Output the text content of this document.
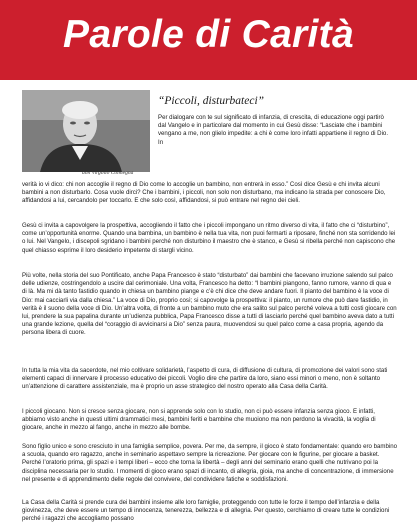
Parole di Carità
don Virginio Colmegna
“Piccoli, disturbateci”
Per dialogare con te sul significato di infanzia, di crescita, di educazione oggi partirò dal Vangelo e in particolare dal momento in cui Gesù disse: “Lasciate che i bambini vengano a me, non glielo impedite: a chi è come loro infatti appartiene il regno di Dio. In
verità io vi dico: chi non accoglie il regno di Dio come lo accoglie un bambino, non entrerà in esso.” Così dice Gesù e chi invita alcuni bambini a non disturbarlo. Cosa vuole dirci? Che i bambini, i piccoli, non solo non disturbano, ma indicano la strada per conoscere Dio, affidandosi a lui, cercandolo per toccarlo. E che solo così, affidandosi, si può entrare nel regno dei cieli.
Gesù ci invita a capovolgere la prospettiva, accogliendo il fatto che i piccoli impongano un ritmo diverso di vita, il fatto che ci “disturbino”, come un’opportunità enorme. Quando una bambina, un bambino è nella tua vita, non puoi fermarti a riposare, finché non sta sorridendo lei o lui. Nel Vangelo, i discepoli sgridano i bambini perché non disturbino il maestro che è stanco, e Gesù si ribella perché non capiscono che quel chiasso esprime il loro desiderio impetente di stargli vicino.
Più volte, nella storia del suo Pontificato, anche Papa Francesco è stato “disturbato” dai bambini che facevano irruzione salendo sul palco delle udienze, costringendolo a uscire dal cerimoniale. Una volta, Francesco ha detto: “I bambini piangono, fanno rumore, vanno di qua e di là. Ma mi dà tanto fastidio quando in chiesa un bambino piange e c’è chi dice che deve andare fuori. Il pianto del bambino è la voce di Dio: mai cacciarli via dalla chiesa.” La voce di Dio, proprio così; si capovolge la prospettiva: il pianto, un rumore che può dare fastidio, in verità è il suono della voce di Dio. Un’altra volta, di fronte a un bambino muto che era salito sul palco perché voleva a tutti costi giocare con lui, prendere la sua papalina durante un’udienza pubblica, Papa Francesco disse a tutti di lasciarlo perché quel bambino aveva dato a tutti una grande lezione, quella del “coraggio di avvicinarsi a Dio” senza paura, muovendosi su quel palco come a casa propria, agendo da persona libera di cuore.
In tutta la mia vita da sacerdote, nel mio coltivare solidarietà, l’aspetto di cura, di diffusione di cultura, di promozione dei valori sono stati elementi capaci di innervare il processo educativo dei piccoli. Voglio dire che partire da loro, siano essi minori o meno, non è soltanto un’attenzione di carattere assistenziale, ma è proprio un asse strategico del nostro operato alla Casa della Carità.
I piccoli giocano. Non si cresce senza giocare, non si apprende solo con lo studio, non ci può essere infanzia senza gioco. E infatti, abbiamo visto anche in questi ultimi drammatici mesi, bambini feriti e bambine che muoiono ma non perdono la vivacità, la voglia di giocare, anche in mezzo al fango, anche in mezzo alle bombe.
Sono figlio unico e sono cresciuto in una famiglia semplice, povera. Per me, da sempre, il gioco è stato fondamentale: quando ero bambino a scuola, quando ero ragazzo, anche in seminario aspettavo sempre la ricreazione. Per giocare con le figurine, per giocare a basket. Perché l’oratorio prima, gli spazi e i tempi liberi – ecco che torna la libertà – degli anni del seminario erano quelli che nutrivano poi la disciplina necessaria per lo studio. I momenti di gioco erano spazi di incanto, di allegria, gioia, ma anche di concentrazione, di immersione nel presente e di apprendimento delle regole del convivere, del condividere fatiche e soddisfazioni.
La Casa della Carità si prende cura dei bambini insieme alle loro famiglie, proteggendo con tutte le forze il tempo dell’infanzia e della giovinezza, che deve essere un tempo di innocenza, tenerezza, bellezza e di allegria. Per questo, cerchiamo di creare tutte le condizioni perché i ragazzi che accogliamo possano
